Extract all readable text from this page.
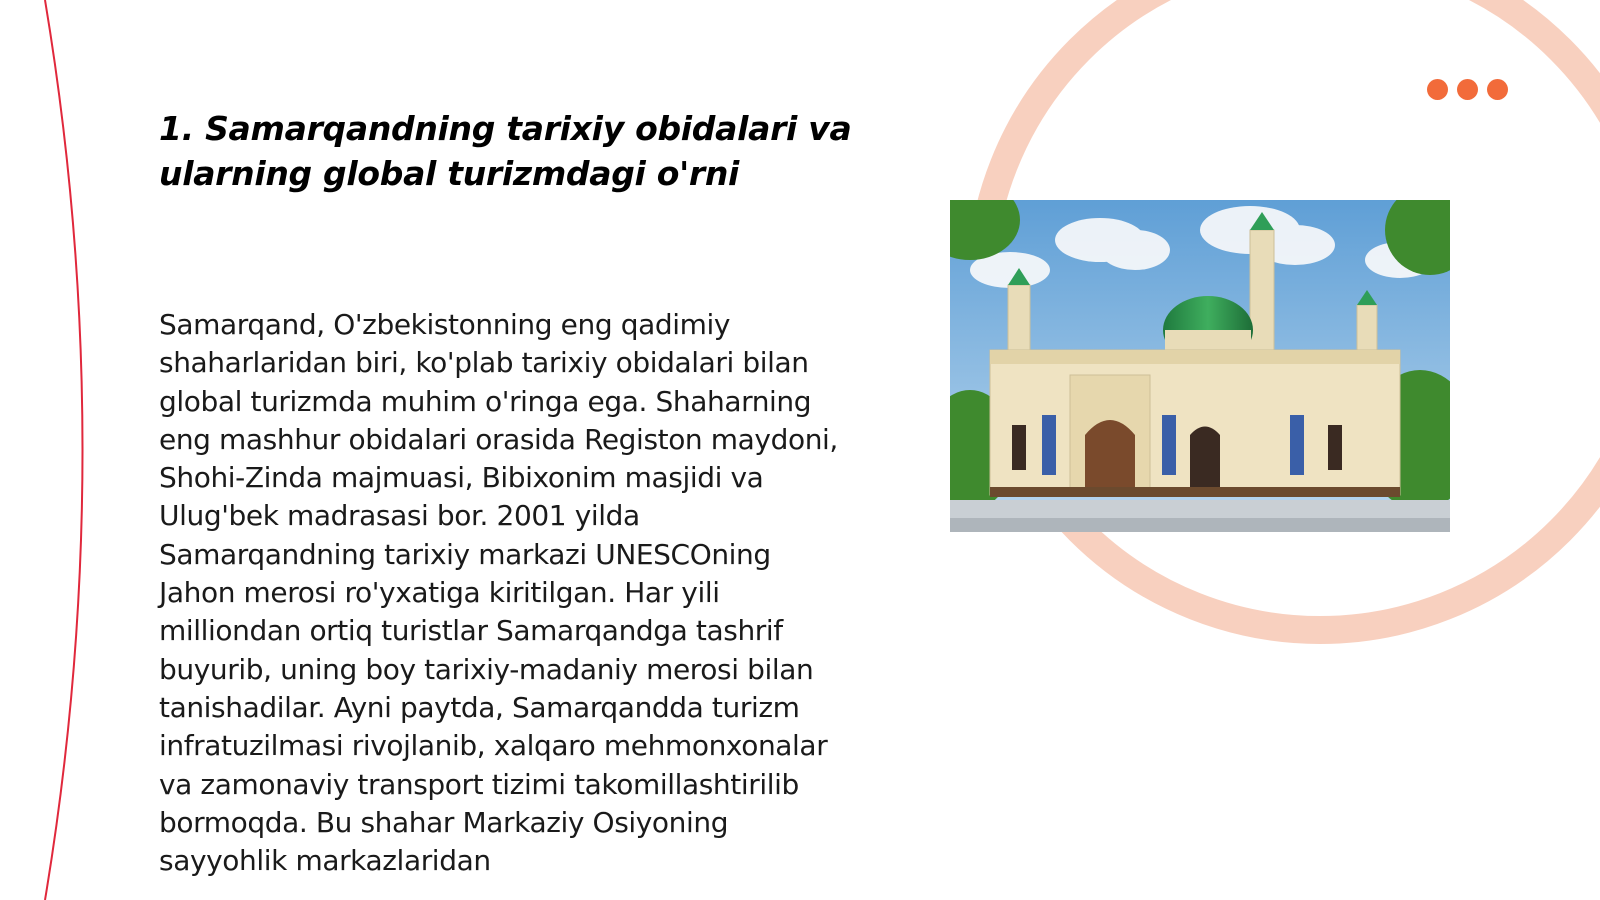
1. Samarqandning tarixiy obidalari va ularning global turizmdagi o'rni

Samarqand, O'zbekistonning eng qadimiy shaharlaridan biri, ko'plab tarixiy obidalari bilan global turizmda muhim o'ringa ega. Shaharning eng mashhur obidalari orasida Registon maydoni, Shohi-Zinda majmuasi, Bibixonim masjidi va Ulug'bek madrasasi bor. 2001 yilda Samarqandning tarixiy markazi UNESCOning Jahon merosi ro'yxatiga kiritilgan. Har yili milliondan ortiq turistlar Samarqandga tashrif buyurib, uning boy tarixiy-madaniy merosi bilan tanishadilar. Ayni paytda, Samarqandda turizm infratuzilmasi rivojlanib, xalqaro mehmonxonalar va zamonaviy transport tizimi takomillashtirilib bormoqda. Bu shahar Markaziy Osiyoning sayyohlik markazlaridan
